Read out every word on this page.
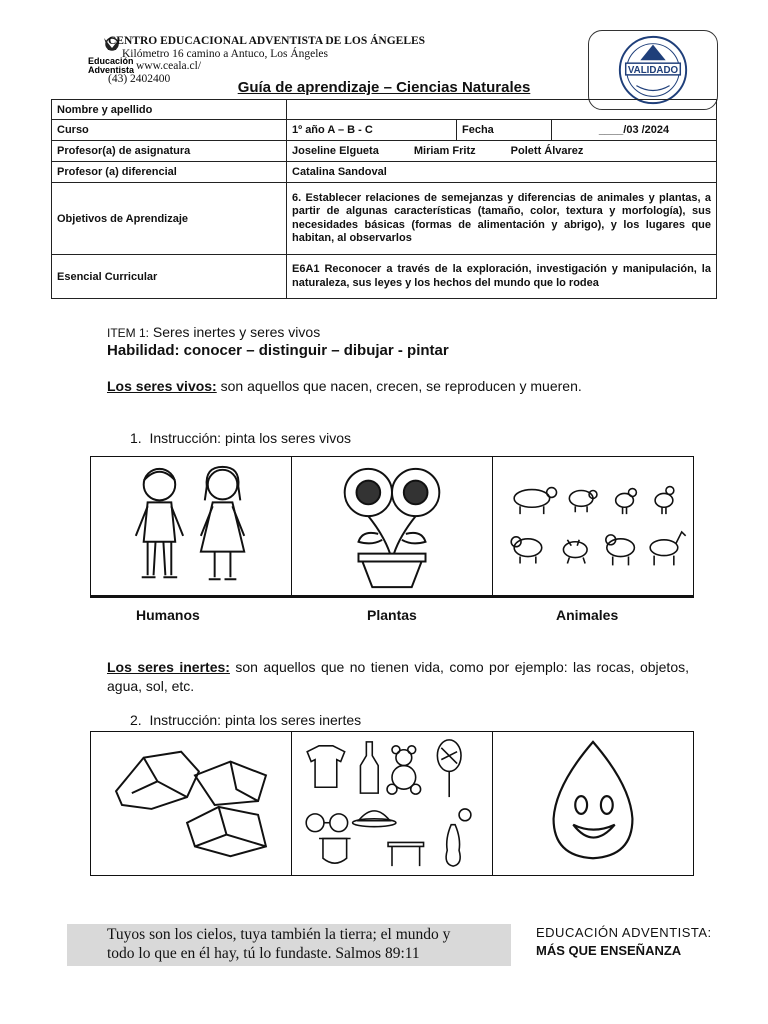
Educación
Adventista
CENTRO EDUCACIONAL ADVENTISTA DE LOS ÁNGELES
Kilómetro 16 camino a Antuco, Los Ángeles
www.ceala.cl/
(43) 2402400
VALIDADO
Guía de aprendizaje – Ciencias Naturales
Nombre y apellido			
Curso	1º año A – B - C	Fecha	____/03 /2024
Profesor(a) de asignatura	Joseline Elgueta Miriam Fritz Polett Álvarez		
Profesor (a) diferencial	Catalina Sandoval		
Objetivos de Aprendizaje	6. Establecer relaciones de semejanzas y diferencias de animales y plantas, a partir de algunas características (tamaño, color, textura y morfología), sus necesidades básicas (formas de alimentación y abrigo), y los lugares que habitan, al observarlos		
Esencial Curricular	E6A1 Reconocer a través de la exploración, investigación y manipulación, la naturaleza, sus leyes y los hechos del mundo que lo rodea		
ITEM 1: Seres inertes y seres vivos
Habilidad: conocer – distinguir – dibujar - pintar
Los seres vivos: son aquellos que nacen, crecen, se reproducen y mueren.
1. Instrucción: pinta los seres vivos
Humanos	Plantas	Animales
Los seres inertes: son aquellos que no tienen vida, como por ejemplo: las rocas, objetos, agua, sol, etc.
2. Instrucción: pinta los seres inertes
Tuyos son los cielos, tuya también la tierra; el mundo y
todo lo que en él hay, tú lo fundaste. Salmos 89:11
EDUCACIÓN ADVENTISTA:
MÁS QUE ENSEÑANZA
